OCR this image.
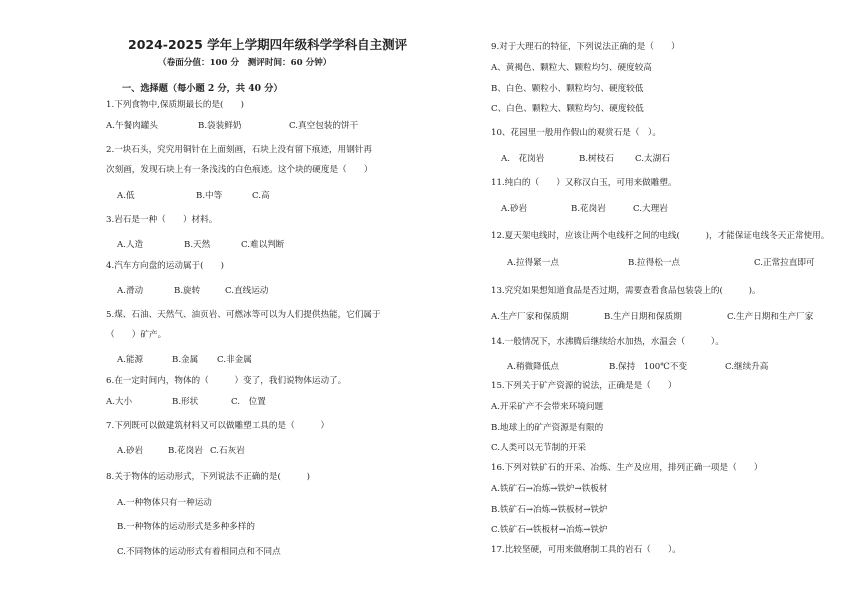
2024-2025 学年上学期四年级科学学科自主测评
（卷面分值：100 分　测评时间：60 分钟）
一、选择题（每小题 2 分，共 40 分）
1.下列食物中,保质期最长的是(　　)
A.午餐肉罐头	B.袋装鲜奶	C.真空包装的饼干
2.一块石头，究究用铜针在上面刻画，石块上没有留下痕迹，用钢针再
次刻画，发现石块上有一条浅浅的白色痕迹。这个块的硬度是（　　）
A.低	B.中等	C.高
3.岩石是一种（　　）材料。
A.人造	B.天然	C.难以判断
4.汽车方向盘的运动属于(　　)
A.滑动	B.旋转	C.直线运动
5.煤、石油、天然气、油页岩、可燃冰等可以为人们提供热能，它们属于
（　　）矿产。
A.能源	B.金属 C.非金属
6.在一定时间内，物体的（　　　）变了，我们说物体运动了。
A.大小	B.形状	C.　位置
7.下列既可以做建筑材料又可以做雕塑工具的是（　　　）
A.砂岩	B.花岗岩 C.石灰岩
8.关于物体的运动形式，下列说法不正确的是(　　　)
A.一种物体只有一种运动
B.一种物体的运动形式是多种多样的
C.不同物体的运动形式有着相同点和不同点
9.对于大理石的特征，下列说法正确的是（　　）
A、黄褐色、颗粒大、颗粒均匀、硬度较高
B、白色、颗粒小、颗粒均匀、硬度较低
C、白色、颗粒大、颗粒均匀、硬度较低
10、花园里一般用作假山的观赏石是（　）。
A.　花岗岩	B.树枝石 C.太湖石
11.纯白的（　　）又称汉白玉，可用来做雕塑。
A.砂岩	B.花岗岩	C.大理岩
12.夏天架电线时，应该让两个电线杆之间的电线(　　　)，才能保证电线冬天正常使用。
A.拉得紧一点	B.拉得松一点	C.正常拉直即可
13.究究如果想知道食品是否过期，需要查看食品包装袋上的(　　　)。
A.生产厂家和保质期	B.生产日期和保质期	C.生产日期和生产厂家
14.一般情况下，水沸腾后继续给水加热，水温会（　　　）。
A.稍微降低点	B.保持　100℃不变	C.继续升高
15.下列关于矿产资源的说法，正确是是（　　）
A.开采矿产不会带来环境问题
B.地球上的矿产资源是有限的
C.人类可以无节制的开采
16.下列对铁矿石的开采、冶炼、生产及应用，排列正确一项是（　　）
A.铁矿石→冶炼→铁炉→铁板材
B.铁矿石→冶炼→铁板材→铁炉
C.铁矿石→铁板材→冶炼→铁炉
17.比较坚硬，可用来做磨制工具的岩石（　　）。
